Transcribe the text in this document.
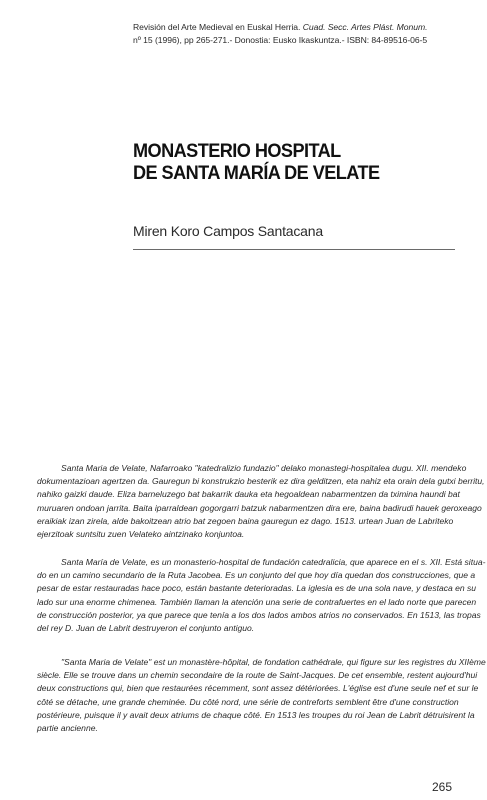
Revisión del Arte Medieval en Euskal Herria. Cuad. Secc. Artes Plást. Monum.
nº 15 (1996), pp 265-271.- Donostia: Eusko Ikaskuntza.- ISBN: 84-89516-06-5
MONASTERIO HOSPITAL
DE SANTA MARÍA DE VELATE
Miren Koro Campos Santacana

Santa Maria de Velate, Nafarroako "katedralizio fundazio" delako monastegi-hospitalea dugu. XII. mendeko
dokumentazioan agertzen da. Gauregun bi konstrukzio besterik ez dira gelditzen, eta nahiz eta orain dela gutxi berritu,
nahiko gaizki daude. Eliza barneluzego bat bakarrik dauka eta hegoaldean nabarmentzen da tximina haundi bat
muruaren ondoan jarrita. Baita iparraldean gogorgarri batzuk nabarmentzen dira ere, baina badirudi hauek geroxeago
eraikiak izan zirela, alde bakoitzean atrio bat zegoen baina gauregun ez dago. 1513. urtean Juan de Labriteko
ejerzitoak suntsitu zuen Velateko aintzinako konjuntoa.

Santa María de Velate, es un monasterio-hospital de fundación catedralicia, que aparece en el s. XII. Está situa-
do en un camino secundario de la Ruta Jacobea. Es un conjunto del que hoy día quedan dos construcciones, que a
pesar de estar restauradas hace poco, están bastante deterioradas. La iglesia es de una sola nave, y destaca en su
lado sur una enorme chimenea. También llaman la atención una serie de contrafuertes en el lado norte que parecen
de construcción posterior, ya que parece que tenía a los dos lados ambos atrios no conservados. En 1513, las tropas
del rey D. Juan de Labrit destruyeron el conjunto antiguo.

"Santa Maria de Velate" est un monastère-hôpital, de fondation cathédrale, qui figure sur les registres du XIIème
siècle. Elle se trouve dans un chemin secondaire de la route de Saint-Jacques. De cet ensemble, restent aujourd'hui
deux constructions qui, bien que restaurées récemment, sont assez détériorées. L'église est d'une seule nef et sur le
côté se détache, une grande cheminée. Du côté nord, une série de contreforts semblent être d'une construction
postérieure, puisque il y avait deux atriums de chaque côté. En 1513 les troupes du roi Jean de Labrit détruisirent la
partie ancienne.

265
